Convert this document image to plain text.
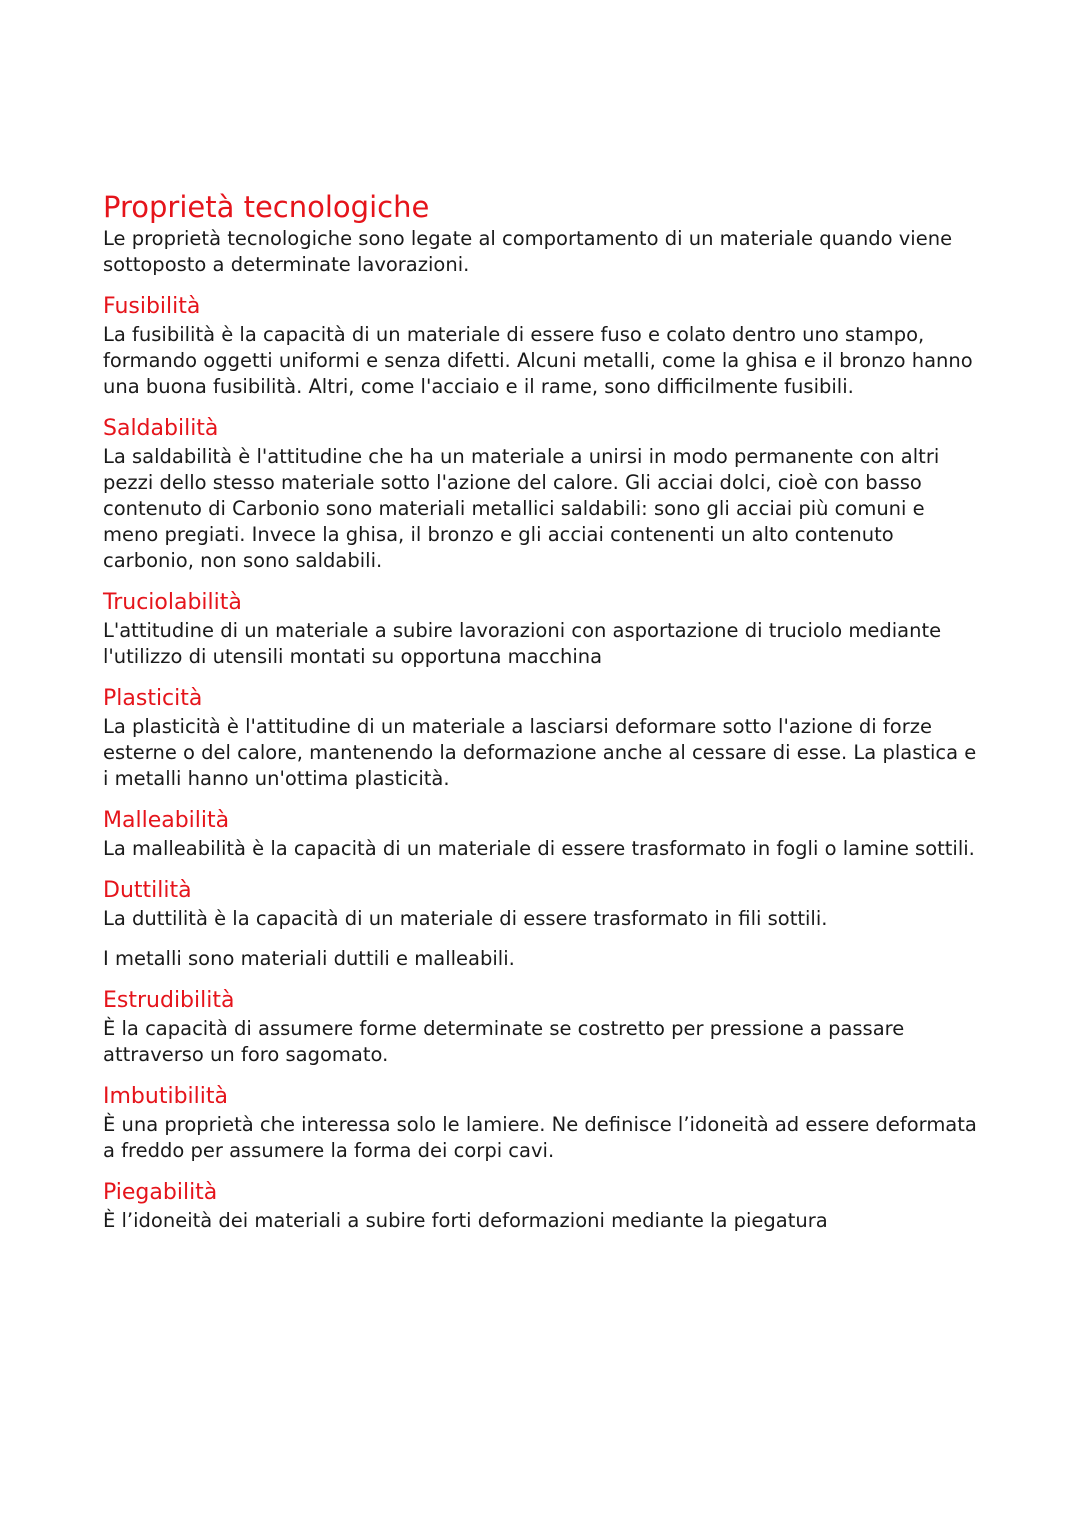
Proprietà tecnologiche

Le proprietà tecnologiche sono legate al comportamento di un materiale quando viene sottoposto a determinate lavorazioni.

Fusibilità

La fusibilità è la capacità di un materiale di essere fuso e colato dentro uno stampo, formando oggetti uniformi e senza difetti. Alcuni metalli, come la ghisa e il bronzo hanno una buona fusibilità. Altri, come l'acciaio e il rame, sono difficilmente fusibili.

Saldabilità

La saldabilità è l'attitudine che ha un materiale a unirsi in modo permanente con altri pezzi dello stesso materiale sotto l'azione del calore. Gli acciai dolci, cioè con basso contenuto di Carbonio sono materiali metallici saldabili: sono gli acciai più comuni e meno pregiati. Invece la ghisa, il bronzo e gli acciai contenenti un alto contenuto carbonio, non sono saldabili.

Truciolabilità

L'attitudine di un materiale a subire lavorazioni con asportazione di truciolo mediante l'utilizzo di utensili montati su opportuna macchina

Plasticità

La plasticità è l'attitudine di un materiale a lasciarsi deformare sotto l'azione di forze esterne o del calore, mantenendo la deformazione anche al cessare di esse. La plastica e i metalli hanno un'ottima plasticità.

Malleabilità

La malleabilità è la capacità di un materiale di essere trasformato in fogli o lamine sottili.

Duttilità

La duttilità è la capacità di un materiale di essere trasformato in fili sottili.

I metalli sono materiali duttili e malleabili.

Estrudibilità

È la capacità di assumere forme determinate se costretto per pressione a passare attraverso un foro sagomato.

Imbutibilità

È una proprietà che interessa solo le lamiere. Ne definisce l’idoneità ad essere deformata a freddo per assumere la forma dei corpi cavi.

Piegabilità

È l’idoneità dei materiali a subire forti deformazioni mediante la piegatura
